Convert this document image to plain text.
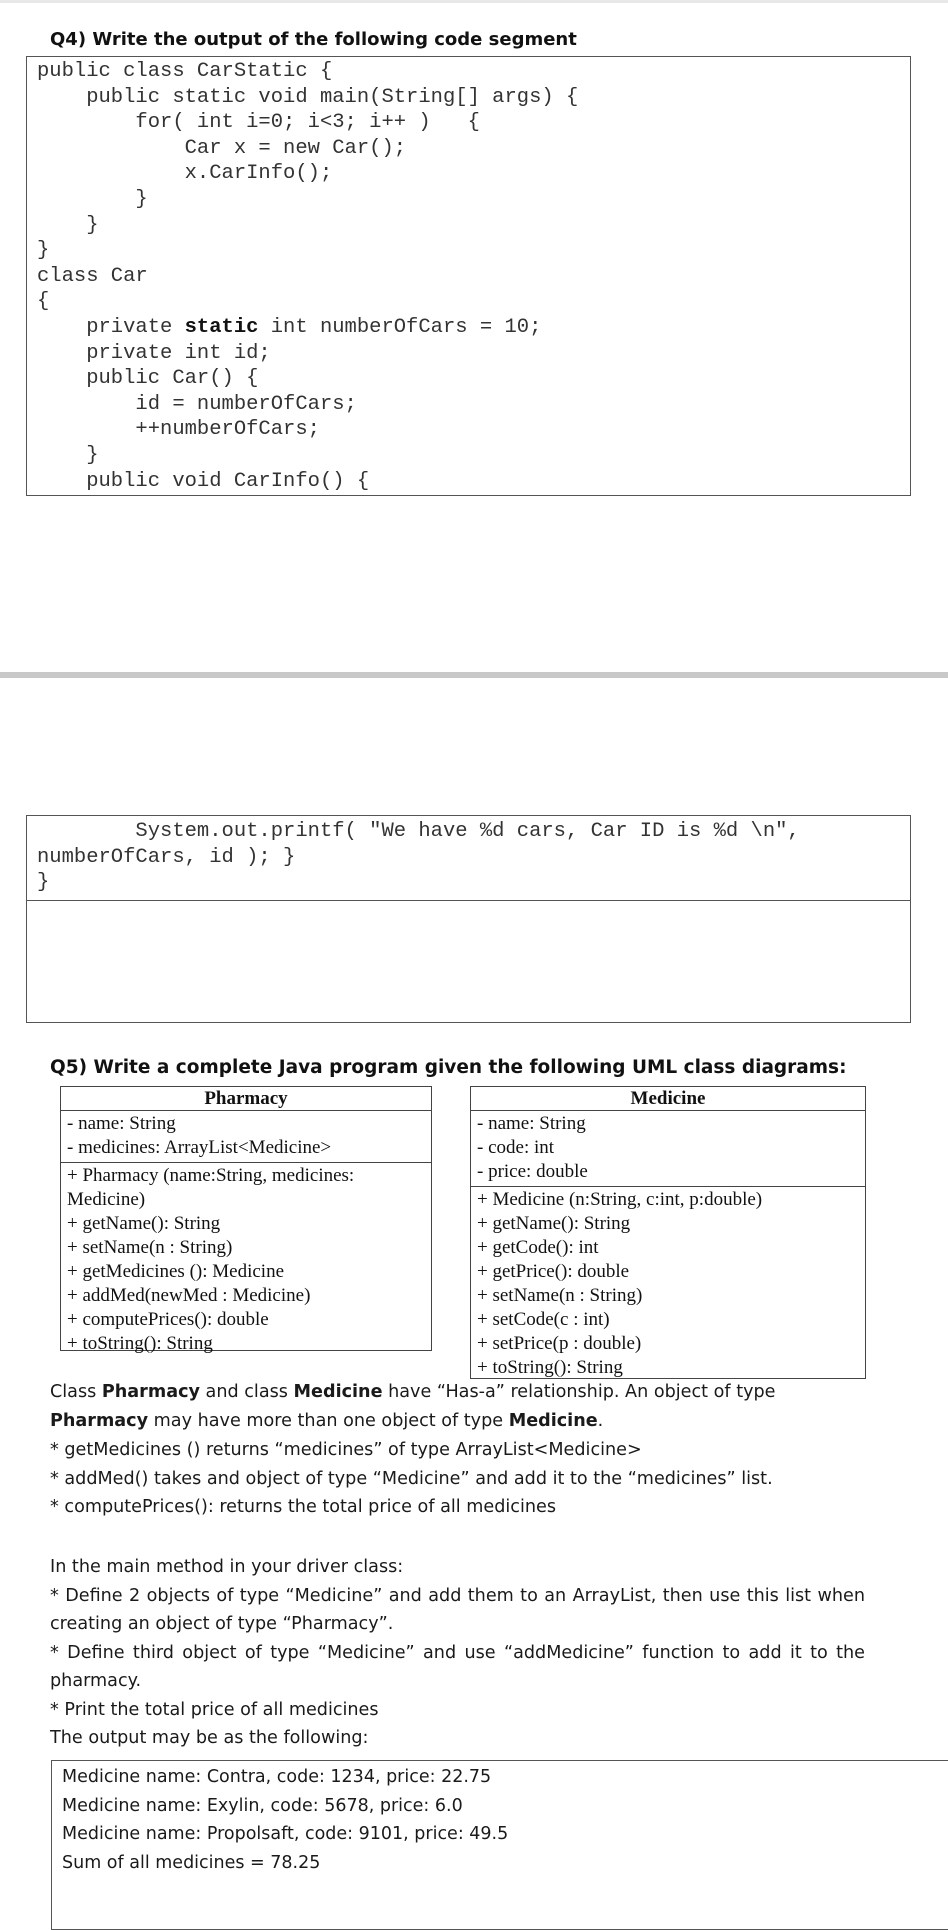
Q4) Write the output of the following code segment
public class CarStatic {
public static void main(String[] args) {
for( int i=0; i<3; i++ )   {
Car x = new Car();
x.CarInfo();
}
}
}
class Car
{
private static int numberOfCars = 10;
private int id;
public Car() {
id = numberOfCars;
++numberOfCars;
}
public void CarInfo() {
System.out.printf( "We have %d cars, Car ID is %d \n",
numberOfCars, id ); }
}
Q5) Write a complete Java program given the following UML class diagrams:
Pharmacy
- name: String
- medicines: ArrayList<Medicine>
+ Pharmacy (name:String, medicines: Medicine)
+ getName(): String
+ setName(n : String)
+ getMedicines (): Medicine
+ addMed(newMed : Medicine)
+ computePrices(): double
+ toString(): String
Medicine
- name: String
- code: int
- price: double
+ Medicine (n:String, c:int, p:double)
+ getName(): String
+ getCode(): int
+ getPrice(): double
+ setName(n : String)
+ setCode(c : int)
+ setPrice(p : double)
+ toString(): String
Class Pharmacy and class Medicine have “Has-a” relationship. An object of type Pharmacy may have more than one object of type Medicine.
* getMedicines () returns “medicines” of type ArrayList<Medicine>
* addMed() takes and object of type “Medicine” and add it to the “medicines” list.
* computePrices(): returns the total price of all medicines
In the main method in your driver class:
* Define 2 objects of type “Medicine” and add them to an ArrayList, then use this list when creating an object of type “Pharmacy”.
* Define third object of type “Medicine” and use “addMedicine” function to add it to the pharmacy.
* Print the total price of all medicines
The output may be as the following:
Medicine name: Contra, code: 1234, price: 22.75
Medicine name: Exylin, code: 5678, price: 6.0
Medicine name: Propolsaft, code: 9101, price: 49.5
Sum of all medicines = 78.25
